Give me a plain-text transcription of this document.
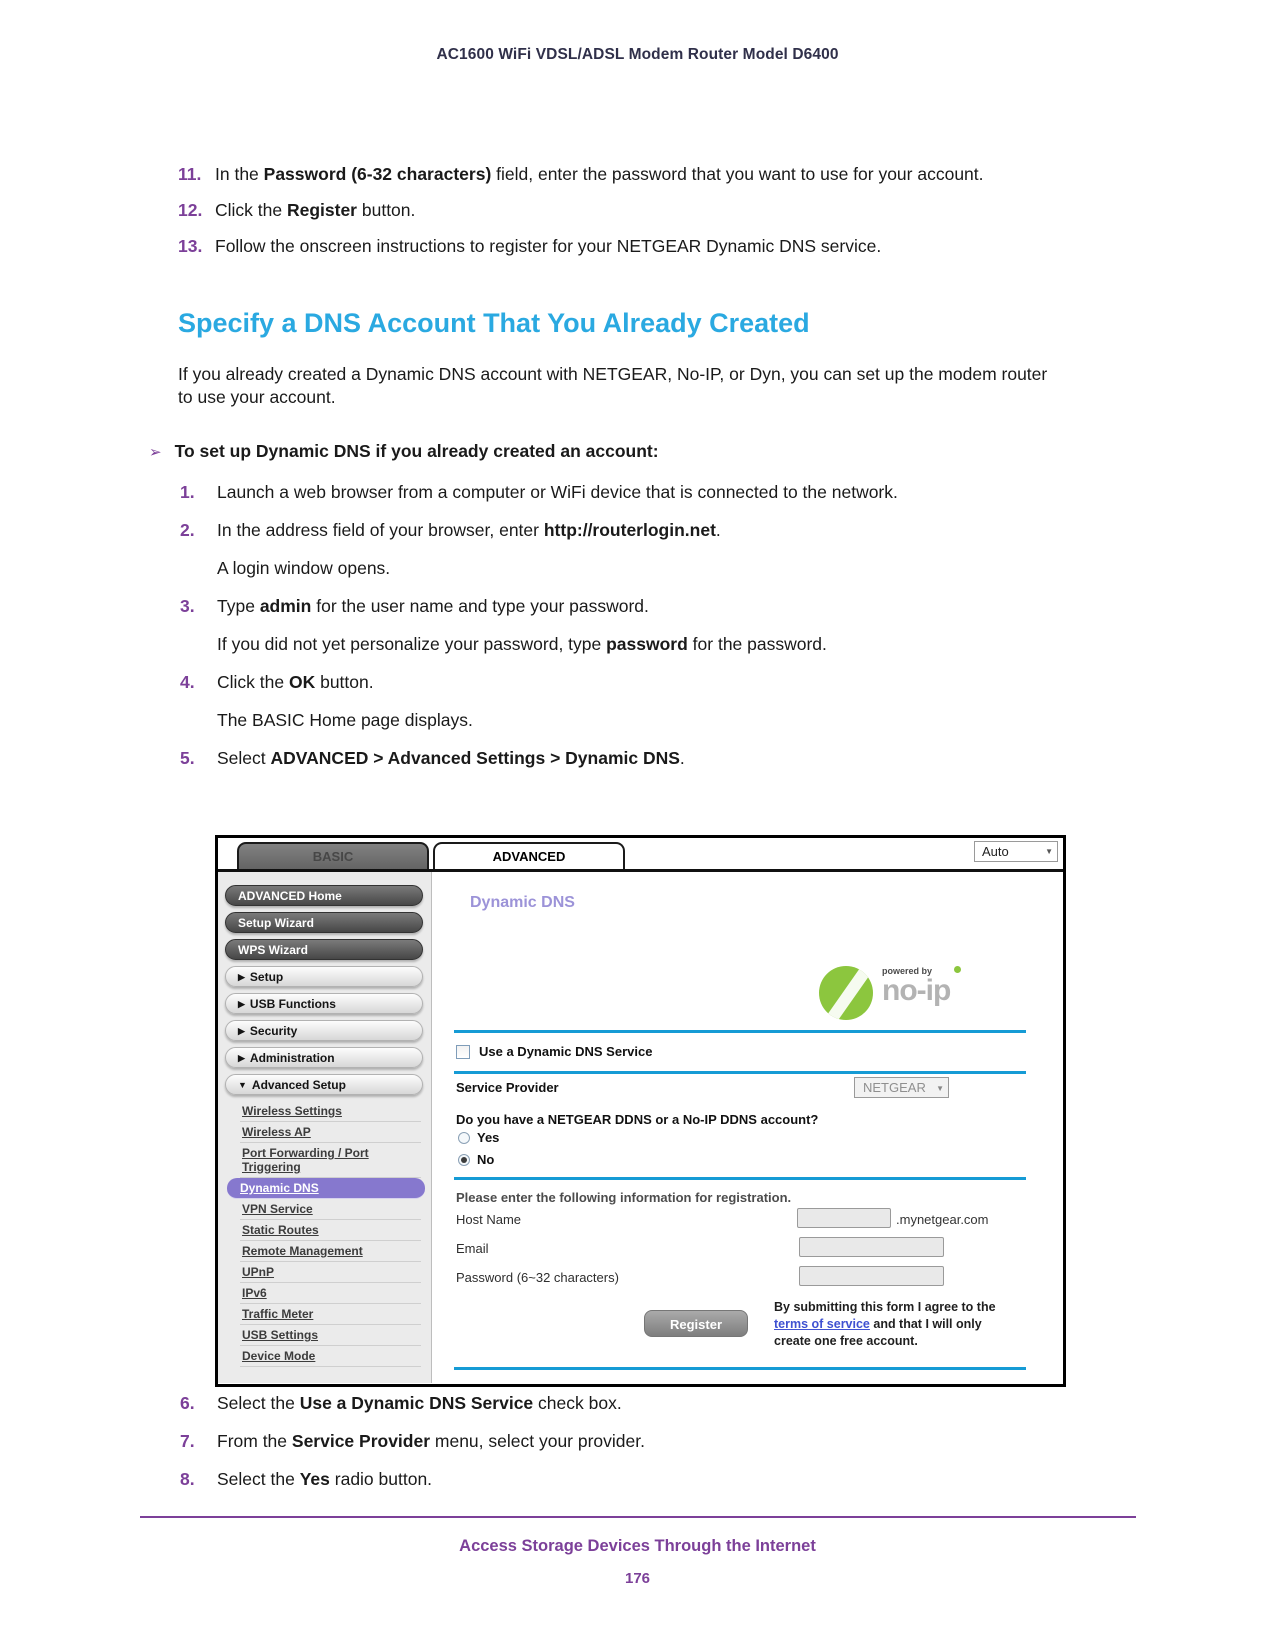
AC1600 WiFi VDSL/ADSL Modem Router Model D6400
11. In the Password (6-32 characters) field, enter the password that you want to use for your account.
12. Click the Register button.
13. Follow the onscreen instructions to register for your NETGEAR Dynamic DNS service.
Specify a DNS Account That You Already Created

If you already created a Dynamic DNS account with NETGEAR, No-IP, or Dyn, you can set up the modem router to use your account.

➢ To set up Dynamic DNS if you already created an account:
1.	Launch a web browser from a computer or WiFi device that is connected to the network.
2.	In the address field of your browser, enter http://routerlogin.net.
A login window opens.
3.	Type admin for the user name and type your password.
If you did not yet personalize your password, type password for the password.
4.	Click the OK button.
The BASIC Home page displays.
5.	Select ADVANCED > Advanced Settings > Dynamic DNS.
BASIC	ADVANCED	Auto	▼
ADVANCED Home
Setup Wizard
WPS Wizard
▶ Setup
▶ USB Functions
▶ Security
▶ Administration
▼ Advanced Setup
Wireless Settings
Wireless AP
Port Forwarding / Port Triggering
Dynamic DNS
VPN Service
Static Routes
Remote Management
UPnP
IPv6
Traffic Meter
USB Settings
Device Mode
Dynamic DNS
powered by
no-ip
Use a Dynamic DNS Service
Service Provider	NETGEAR ▼
Do you have a NETGEAR DDNS or a No-IP DDNS account?
Yes
No
Please enter the following information for registration.
Host Name	.mynetgear.com
Email
Password (6~32 characters)
Register
By submitting this form I agree to the
terms of service and that I will only
create one free account.
6.	Select the Use a Dynamic DNS Service check box.
7.	From the Service Provider menu, select your provider.
8.	Select the Yes radio button.
Access Storage Devices Through the Internet
176
